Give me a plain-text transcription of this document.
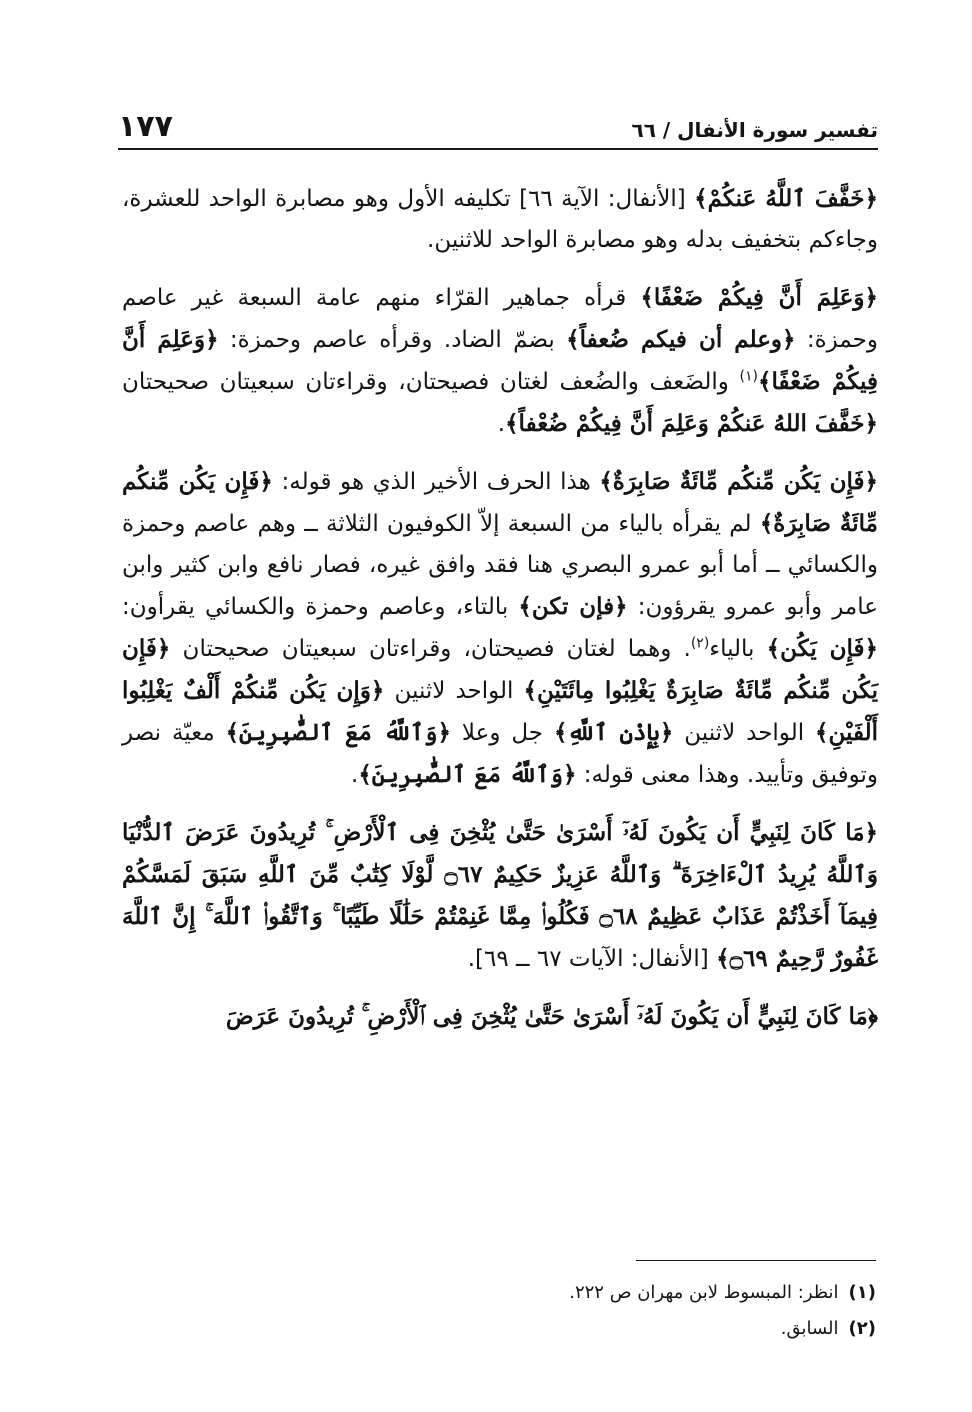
تفسير سورة الأنفال / ٦٦
١٧٧

﴿خَفَّفَ ٱللَّهُ عَنكُمْ﴾ [الأنفال: الآية ٦٦] تكليفه الأول وهو مصابرة الواحد للعشرة، وجاءكم بتخفيف بدله وهو مصابرة الواحد للاثنين.

﴿وَعَلِمَ أَنَّ فِيكُمْ ضَعْفًا﴾ قرأه جماهير القرّاء منهم عامة السبعة غير عاصم وحمزة: ﴿وعلم أن فيكم ضُعفاً﴾ بضمّ الضاد. وقرأه عاصم وحمزة: ﴿وَعَلِمَ أَنَّ فِيكُمْ ضَعْفًا﴾$^{(١)}$ والضَعف والضُعف لغتان فصيحتان، وقراءتان سبعيتان صحيحتان ﴿خَفَّفَ اللهُ عَنكُمْ وَعَلِمَ أَنَّ فِيكُمْ ضُعْفاً﴾.

﴿فَإِن يَكُن مِّنكُم مِّائَةٌ صَابِرَةٌ﴾ هذا الحرف الأخير الذي هو قوله: ﴿فَإِن يَكُن مِّنكُم مِّائَةٌ صَابِرَةٌ﴾ لم يقرأه بالياء من السبعة إلاّ الكوفيون الثلاثة ــ وهم عاصم وحمزة والكسائي ــ أما أبو عمرو البصري هنا فقد وافق غيره، فصار نافع وابن كثير وابن عامر وأبو عمرو يقرؤون: ﴿فإن تكن﴾ بالتاء، وعاصم وحمزة والكسائي يقرأون: ﴿فَإِن يَكُن﴾ بالياء$^{(٢)}$. وهما لغتان فصيحتان، وقراءتان سبعيتان صحيحتان ﴿فَإِن يَكُن مِّنكُم مِّائَةٌ صَابِرَةٌ يَغْلِبُوا مِائَتَيْنِ﴾ الواحد لاثنين ﴿وَإِن يَكُن مِّنكُمْ أَلْفٌ يَغْلِبُوا أَلْفَيْنِ﴾ الواحد لاثنين ﴿بِإِذْنِ ٱللَّهِ﴾ جل وعلا ﴿وَٱللَّهُ مَعَ ٱلصَّٰبِرِينَ﴾ معيّة نصر وتوفيق وتأييد. وهذا معنى قوله: ﴿وَٱللَّهُ مَعَ ٱلصَّٰبِرِينَ﴾.

﴿مَا كَانَ لِنَبِيٍّ أَن يَكُونَ لَهُۥٓ أَسْرَىٰ حَتَّىٰ يُثْخِنَ فِى ٱلْأَرْضِ ۚ تُرِيدُونَ عَرَضَ ٱلدُّنْيَا وَٱللَّهُ يُرِيدُ ٱلْءَاخِرَةَ ۗ وَٱللَّهُ عَزِيزٌ حَكِيمٌ ۝٦٧ لَّوْلَا كِتَٰبٌ مِّنَ ٱللَّهِ سَبَقَ لَمَسَّكُمْ فِيمَآ أَخَذْتُمْ عَذَابٌ عَظِيمٌ ۝٦٨ فَكُلُوا۟ مِمَّا غَنِمْتُمْ حَلَٰلًا طَيِّبًا ۚ وَٱتَّقُوا۟ ٱللَّهَ ۚ إِنَّ ٱللَّهَ غَفُورٌ رَّحِيمٌ ۝٦٩﴾ [الأنفال: الآيات ٦٧ ــ ٦٩].

﴿مَا كَانَ لِنَبِيٍّ أَن يَكُونَ لَهُۥٓ أَسْرَىٰ حَتَّىٰ يُثْخِنَ فِى ٱلْأَرْضِ ۚ تُرِيدُونَ عَرَضَ

(١)انظر: المبسوط لابن مهران ص ٢٢٢.
(٢)السابق.
